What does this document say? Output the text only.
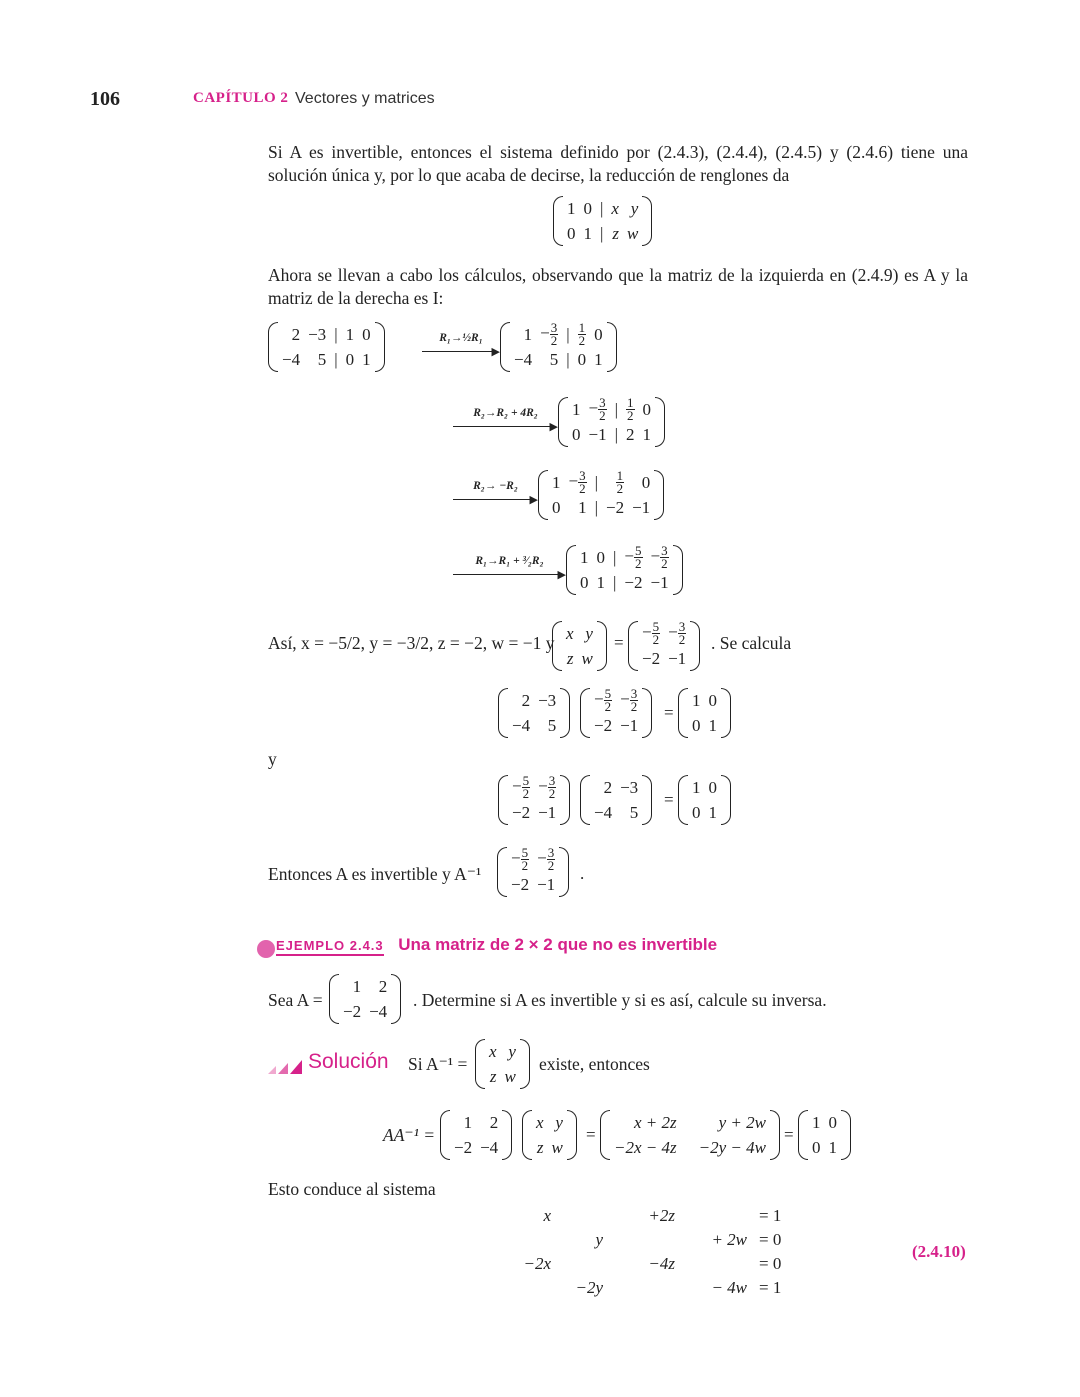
106	CAPÍTULO 2 Vectores y matrices
Si A es invertible, entonces el sistema definido por (2.4.3), (2.4.4), (2.4.5) y (2.4.6) tiene una solución única y, por lo que acaba de decirse, la reducción de renglones da
1	0	|	x	y
0	1	|	z	w
Ahora se llevan a cabo los cálculos, observando que la matriz de la izquierda en (2.4.9) es A y la matriz de la derecha es I:
2	−3	|	1	0
−4	5	|	0	1
R₁→½R₁
▶
1	− $\frac{3}{2}$	|	$\frac{1}{2}$	0
−4	5	|	0	1
R₂→R₂ + 4R₂
▶
1	− $\frac{3}{2}$	|	$\frac{1}{2}$	0
0	−1	|	2	1
R₂→ −R₂
▶
1	− $\frac{3}{2}$	|	$\frac{1}{2}$	0
0	1	|	−2	−1
R₁→R₁ + ³⁄₂R₂
▶
1	0	|	− $\frac{5}{2}$	− $\frac{3}{2}$

0	1	|	−2	−1
Así, x = −5/2, y = −3/2, z = −2, w = −1 y x	y
z	w
=
− $\frac{5}{2}$	− $\frac{3}{2}$

−2	−1
. Se calcula
2	−3
−4	5
− $\frac{5}{2}$	− $\frac{3}{2}$

−2	−1
=
1	0
0	1
y
− $\frac{5}{2}$	− $\frac{3}{2}$

−2	−1
2	−3
−4	5
=
1	0
0	1
Entonces A es invertible y A⁻¹
− $\frac{5}{2}$	− $\frac{3}{2}$

−2	−1
.
EJEMPLO 2.4.3 Una matriz de 2 × 2 que no es invertible
Sea A =
1	2
−2	−4
. Determine si A es invertible y si es así, calcule su inversa.
Solución Si A⁻¹ =
x	y
z	w
existe, entonces
AA⁻¹ =
1	2
−2	−4
x	y
z	w
=
x + 2z	y + 2w
−2x − 4z	−2y − 4w
=
1	0
0	1
Esto conduce al sistema
x		+2z		= 1
	y		+ 2w	= 0
−2x		−4z		= 0
	−2y		− 4w	= 1
(2.4.10)
